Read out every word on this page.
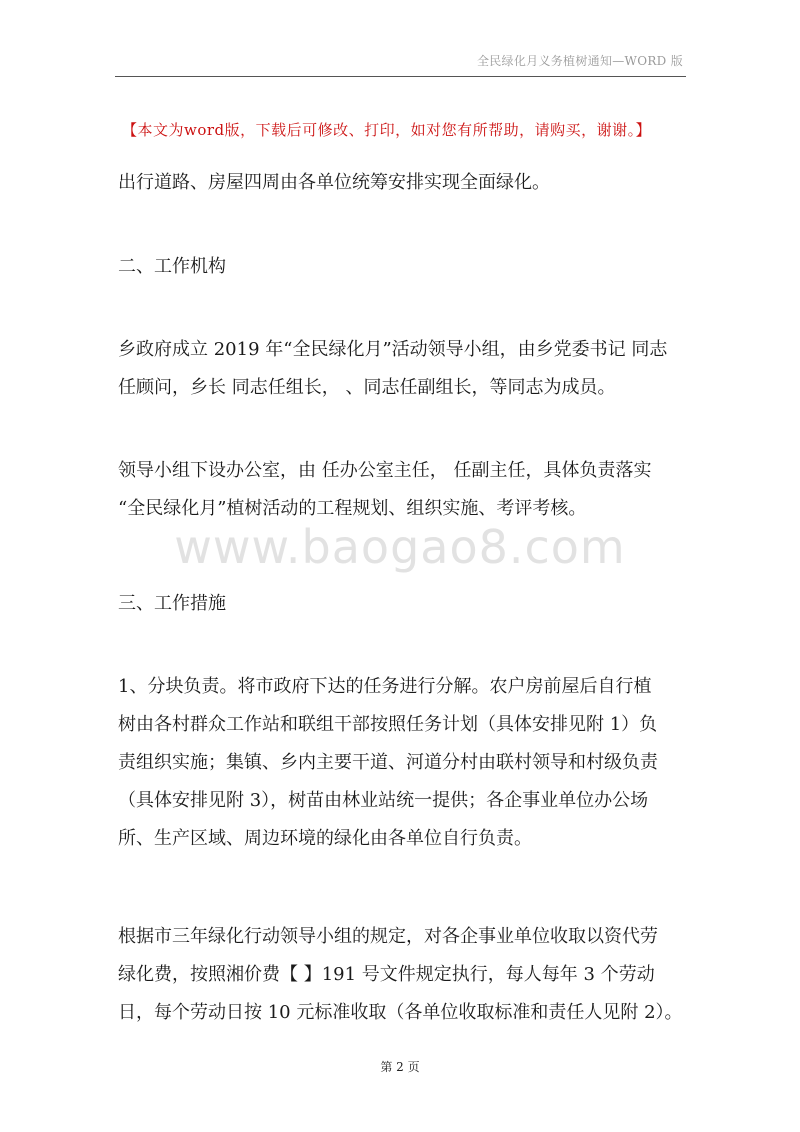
全民绿化月义务植树通知—WORD 版
【本文为word版，下载后可修改、打印，如对您有所帮助，请购买，谢谢。】
出行道路、房屋四周由各单位统筹安排实现全面绿化。
二、工作机构
乡政府成立 2019 年“全民绿化月”活动领导小组，由乡党委书记 同志
任顾问，乡长 同志任组长， 、同志任副组长，等同志为成员。
领导小组下设办公室，由 任办公室主任， 任副主任，具体负责落实
“全民绿化月”植树活动的工程规划、组织实施、考评考核。
www.baogao8.com
三、工作措施
1、分块负责。将市政府下达的任务进行分解。农户房前屋后自行植
树由各村群众工作站和联组干部按照任务计划（具体安排见附 1）负
责组织实施；集镇、乡内主要干道、河道分村由联村领导和村级负责
（具体安排见附 3），树苗由林业站统一提供；各企事业单位办公场
所、生产区域、周边环境的绿化由各单位自行负责。
根据市三年绿化行动领导小组的规定，对各企事业单位收取以资代劳
绿化费，按照湘价费【 】191 号文件规定执行，每人每年 3 个劳动
日，每个劳动日按 10 元标准收取（各单位收取标准和责任人见附 2）。
第 2 页
